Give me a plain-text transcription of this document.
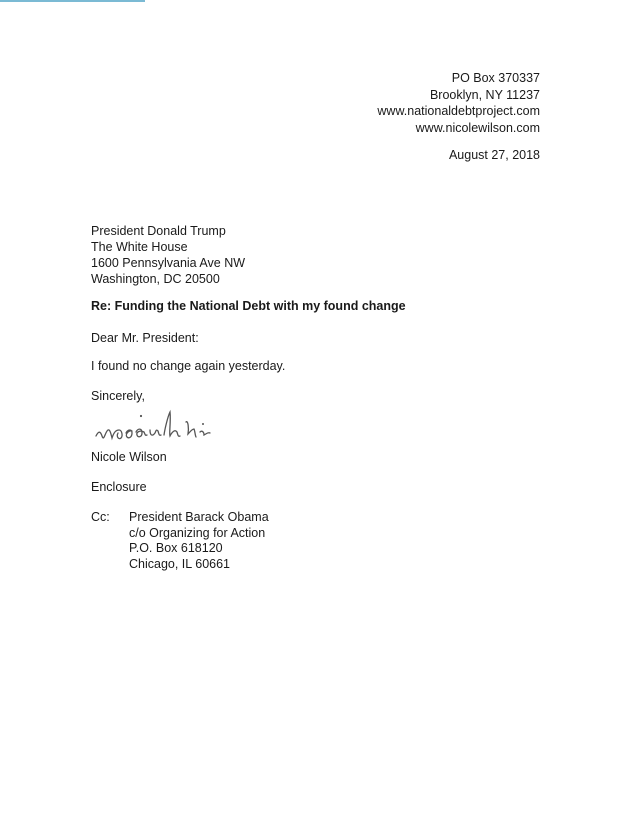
PO Box 370337
Brooklyn, NY 11237
www.nationaldebtproject.com
www.nicolewilson.com
August 27, 2018
President Donald Trump
The White House
1600 Pennsylvania Ave NW
Washington, DC 20500
Re: Funding the National Debt with my found change
Dear Mr. President:
I found no change again yesterday.
Sincerely,
Nicole Wilson
Enclosure
Cc: President Barack Obama
c/o Organizing for Action
P.O. Box 618120
Chicago, IL 60661
